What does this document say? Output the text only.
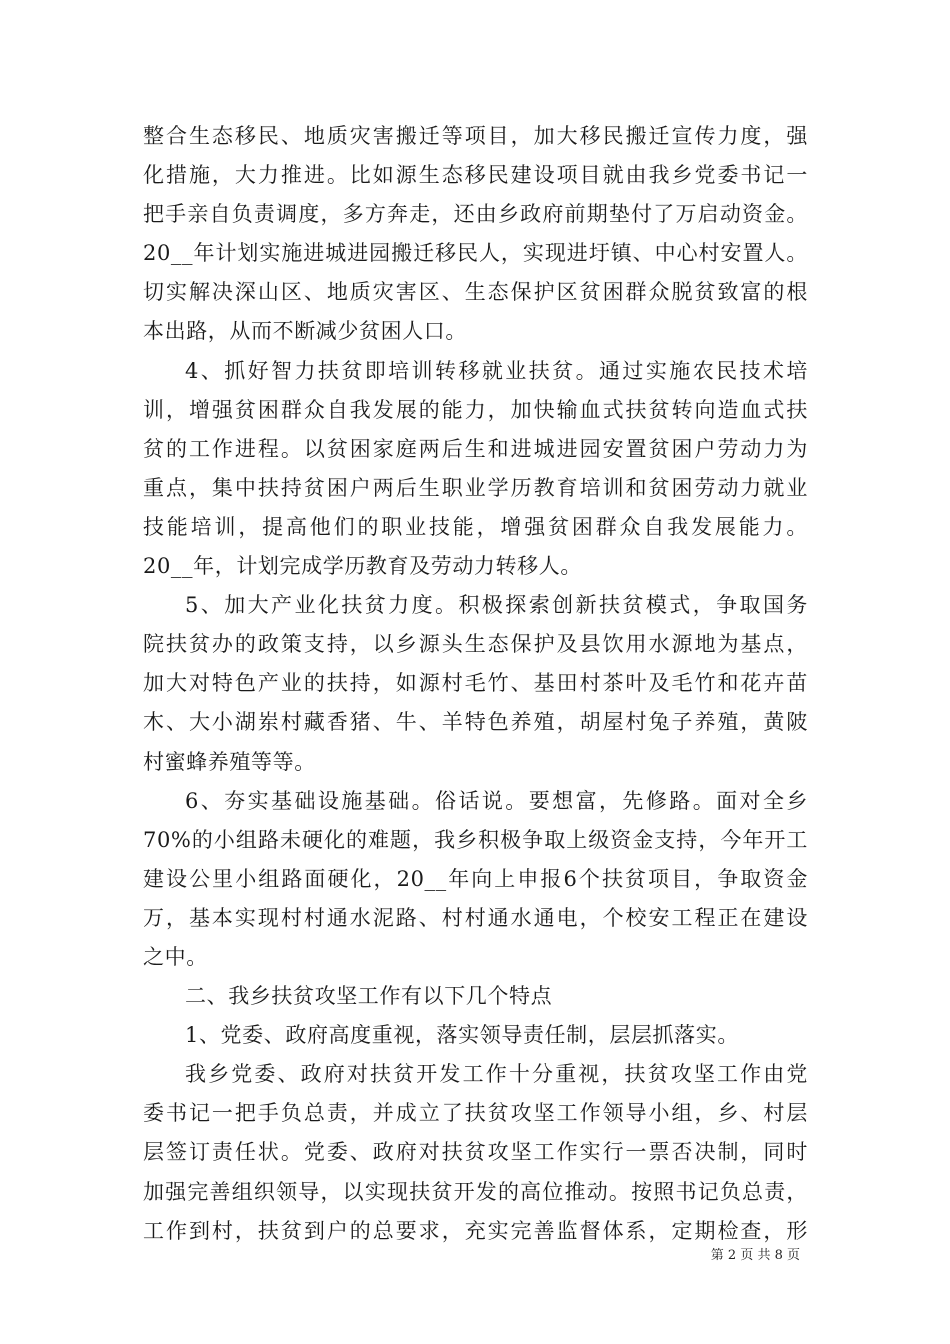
整合生态移民、地质灾害搬迁等项目，加大移民搬迁宣传力度，强
化措施，大力推进。比如源生态移民建设项目就由我乡党委书记一
把手亲自负责调度，多方奔走，还由乡政府前期垫付了万启动资金。
20__年计划实施进城进园搬迁移民人，实现进圩镇、中心村安置人。
切实解决深山区、地质灾害区、生态保护区贫困群众脱贫致富的根
本出路，从而不断减少贫困人口。
4、抓好智力扶贫即培训转移就业扶贫。通过实施农民技术培
训，增强贫困群众自我发展的能力，加快输血式扶贫转向造血式扶
贫的工作进程。以贫困家庭两后生和进城进园安置贫困户劳动力为
重点，集中扶持贫困户两后生职业学历教育培训和贫困劳动力就业
技能培训，提高他们的职业技能，增强贫困群众自我发展能力。
20__年，计划完成学历教育及劳动力转移人。
5、加大产业化扶贫力度。积极探索创新扶贫模式，争取国务
院扶贫办的政策支持，以乡源头生态保护及县饮用水源地为基点，
加大对特色产业的扶持，如源村毛竹、基田村茶叶及毛竹和花卉苗
木、大小湖岽村藏香猪、牛、羊特色养殖，胡屋村兔子养殖，黄陂
村蜜蜂养殖等等。
6、夯实基础设施基础。俗话说。要想富，先修路。面对全乡
70%的小组路未硬化的难题，我乡积极争取上级资金支持，今年开工
建设公里小组路面硬化，20__年向上申报6个扶贫项目，争取资金
万，基本实现村村通水泥路、村村通水通电，个校安工程正在建设
之中。
二、我乡扶贫攻坚工作有以下几个特点
1、党委、政府高度重视，落实领导责任制，层层抓落实。
我乡党委、政府对扶贫开发工作十分重视，扶贫攻坚工作由党
委书记一把手负总责，并成立了扶贫攻坚工作领导小组，乡、村层
层签订责任状。党委、政府对扶贫攻坚工作实行一票否决制，同时
加强完善组织领导，以实现扶贫开发的高位推动。按照书记负总责，
工作到村，扶贫到户的总要求，充实完善监督体系，定期检查，形
第 2 页 共 8 页
